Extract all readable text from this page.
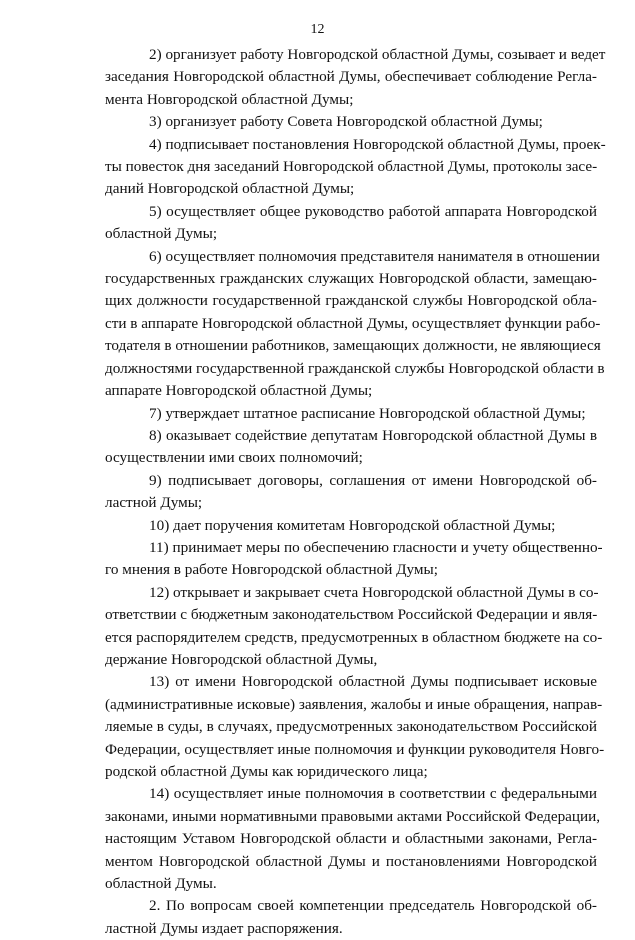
12

2) организует работу Новгородской областной Думы, созывает и ведет
заседания Новгородской областной Думы, обеспечивает соблюдение Регла-
мента Новгородской областной Думы;

3) организует работу Совета Новгородской областной Думы;

4) подписывает постановления Новгородской областной Думы, проек-
ты повесток дня заседаний Новгородской областной Думы, протоколы засе-
даний Новгородской областной Думы;

5) осуществляет общее руководство работой аппарата Новгородской
областной Думы;

6) осуществляет полномочия представителя нанимателя в отношении
государственных гражданских служащих Новгородской области, замещаю-
щих должности государственной гражданской службы Новгородской обла-
сти в аппарате Новгородской областной Думы, осуществляет функции рабо-
тодателя в отношении работников, замещающих должности, не являющиеся
должностями государственной гражданской службы Новгородской области в
аппарате Новгородской областной Думы;

7) утверждает штатное расписание Новгородской областной Думы;

8) оказывает содействие депутатам Новгородской областной Думы в
осуществлении ими своих полномочий;

9) подписывает договоры, соглашения от имени Новгородской об-
ластной Думы;

10) дает поручения комитетам Новгородской областной Думы;

11) принимает меры по обеспечению гласности и учету общественно-
го мнения в работе Новгородской областной Думы;

12) открывает и закрывает счета Новгородской областной Думы в со-
ответствии с бюджетным законодательством Российской Федерации и явля-
ется распорядителем средств, предусмотренных в областном бюджете на со-
держание Новгородской областной Думы,

13) от имени Новгородской областной Думы подписывает исковые
(административные исковые) заявления, жалобы и иные обращения, направ-
ляемые в суды, в случаях, предусмотренных законодательством Российской
Федерации, осуществляет иные полномочия и функции руководителя Новго-
родской областной Думы как юридического лица;

14) осуществляет иные полномочия в соответствии с федеральными
законами, иными нормативными правовыми актами Российской Федерации,
настоящим Уставом Новгородской области и областными законами, Регла-
ментом Новгородской областной Думы и постановлениями Новгородской
областной Думы.

2. По вопросам своей компетенции председатель Новгородской об-
ластной Думы издает распоряжения.
